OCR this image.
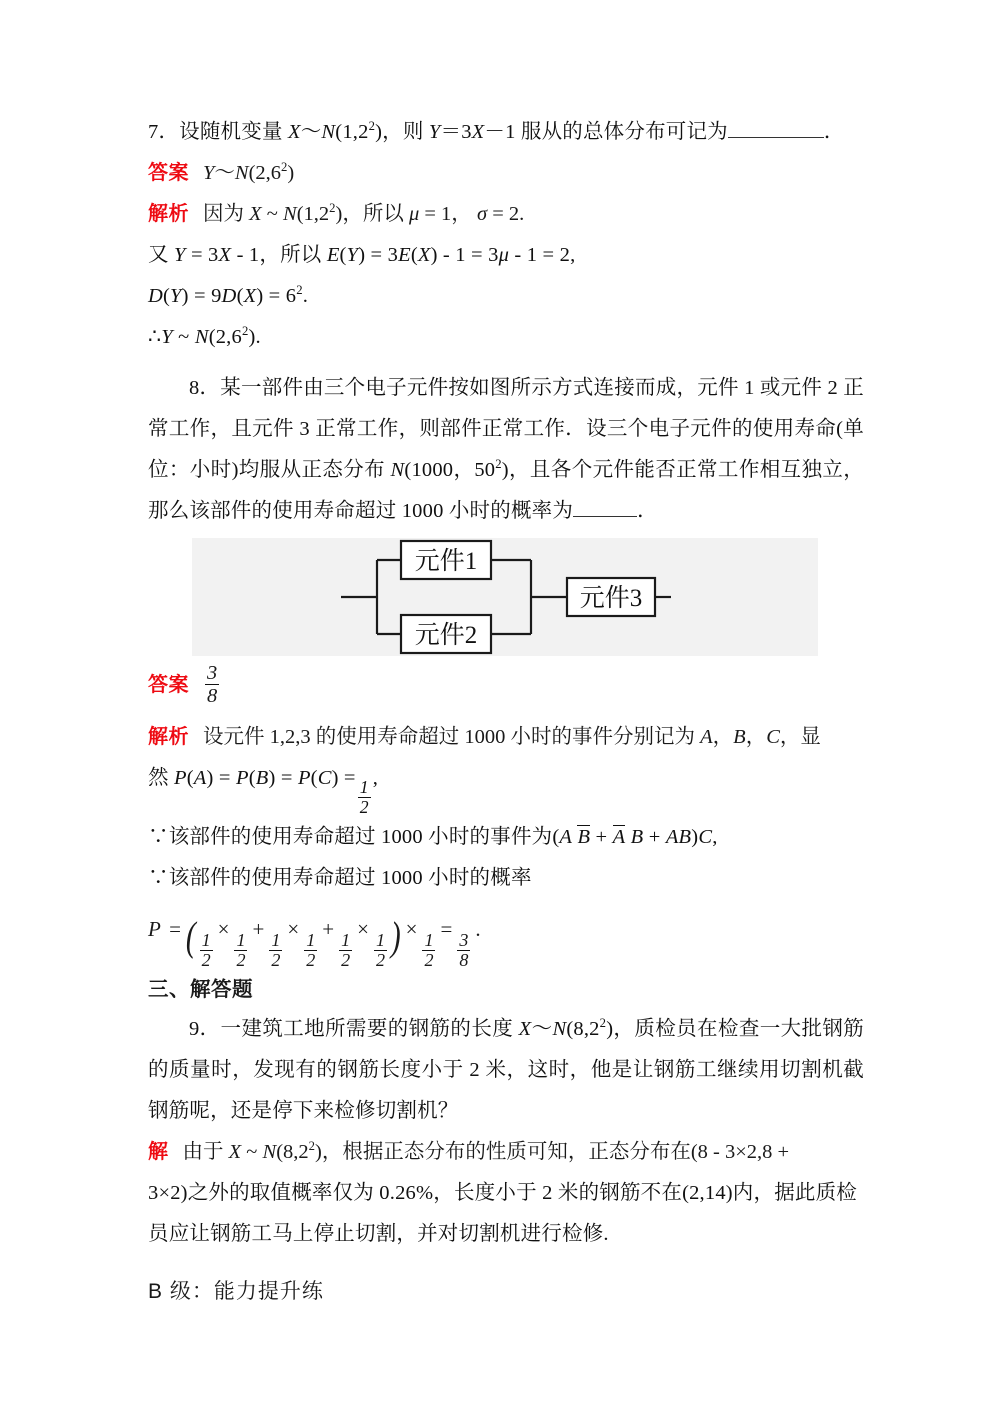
7．设随机变量 $X\sim N(1,2^2)$，则 Y＝3X－1 服从的总体分布可记为	．
答案 $Y\sim N(2,6^2)$
解析 因为 X ~ $N(1,2^2)$，所以 μ = 1， σ = 2.
又 Y = 3X - 1，所以 E(Y) = 3E(X) - 1 = 3μ - 1 = 2,
$D(Y) = 9D(X) = 6^2$.
∴Y ~ $N(2,6^2)$.
8．某一部件由三个电子元件按如图所示方式连接而成，元件 1 或元件 2 正常工作，且元件 3 正常工作，则部件正常工作．设三个电子元件的使用寿命(单位：小时)均服从正态分布 N(1000，$50^2$)，且各个元件能否正常工作相互独立，那么该部件的使用寿命超过 1000 小时的概率为	．
元件1
元件2
元件3
答案 $\frac{3}{8}$
解析 设元件 1,2,3 的使用寿命超过 1000 小时的事件分别记为 A，B，C，显
然 P(A) = P(B) = P(C) =
$\frac{1}{2}$
,
∵该部件的使用寿命超过 1000 小时的事件为(A B + A B + AB)C,
∵该部件的使用寿命超过 1000 小时的概率
P = ( $\frac{1}{2}$
×
$\frac{1}{2}$
+
$\frac{1}{2}$
×
$\frac{1}{2}$
+
$\frac{1}{2}$
×
$\frac{1}{2}$ ) ×
$\frac{1}{2}$
=
$\frac{3}{8}$
.
三、解答题
9．一建筑工地所需要的钢筋的长度 $X\sim N(8,2^2)$，质检员在检查一大批钢筋的质量时，发现有的钢筋长度小于 2 米，这时，他是让钢筋工继续用切割机截钢筋呢，还是停下来检修切割机？
解 由于 X ~ $N(8,2^2)$，根据正态分布的性质可知，正态分布在(8 - 3×2,8 +
3×2)之外的取值概率仅为 0.26%，长度小于 2 米的钢筋不在(2,14)内，据此质检
员应让钢筋工马上停止切割，并对切割机进行检修.
B 级：能力提升练
